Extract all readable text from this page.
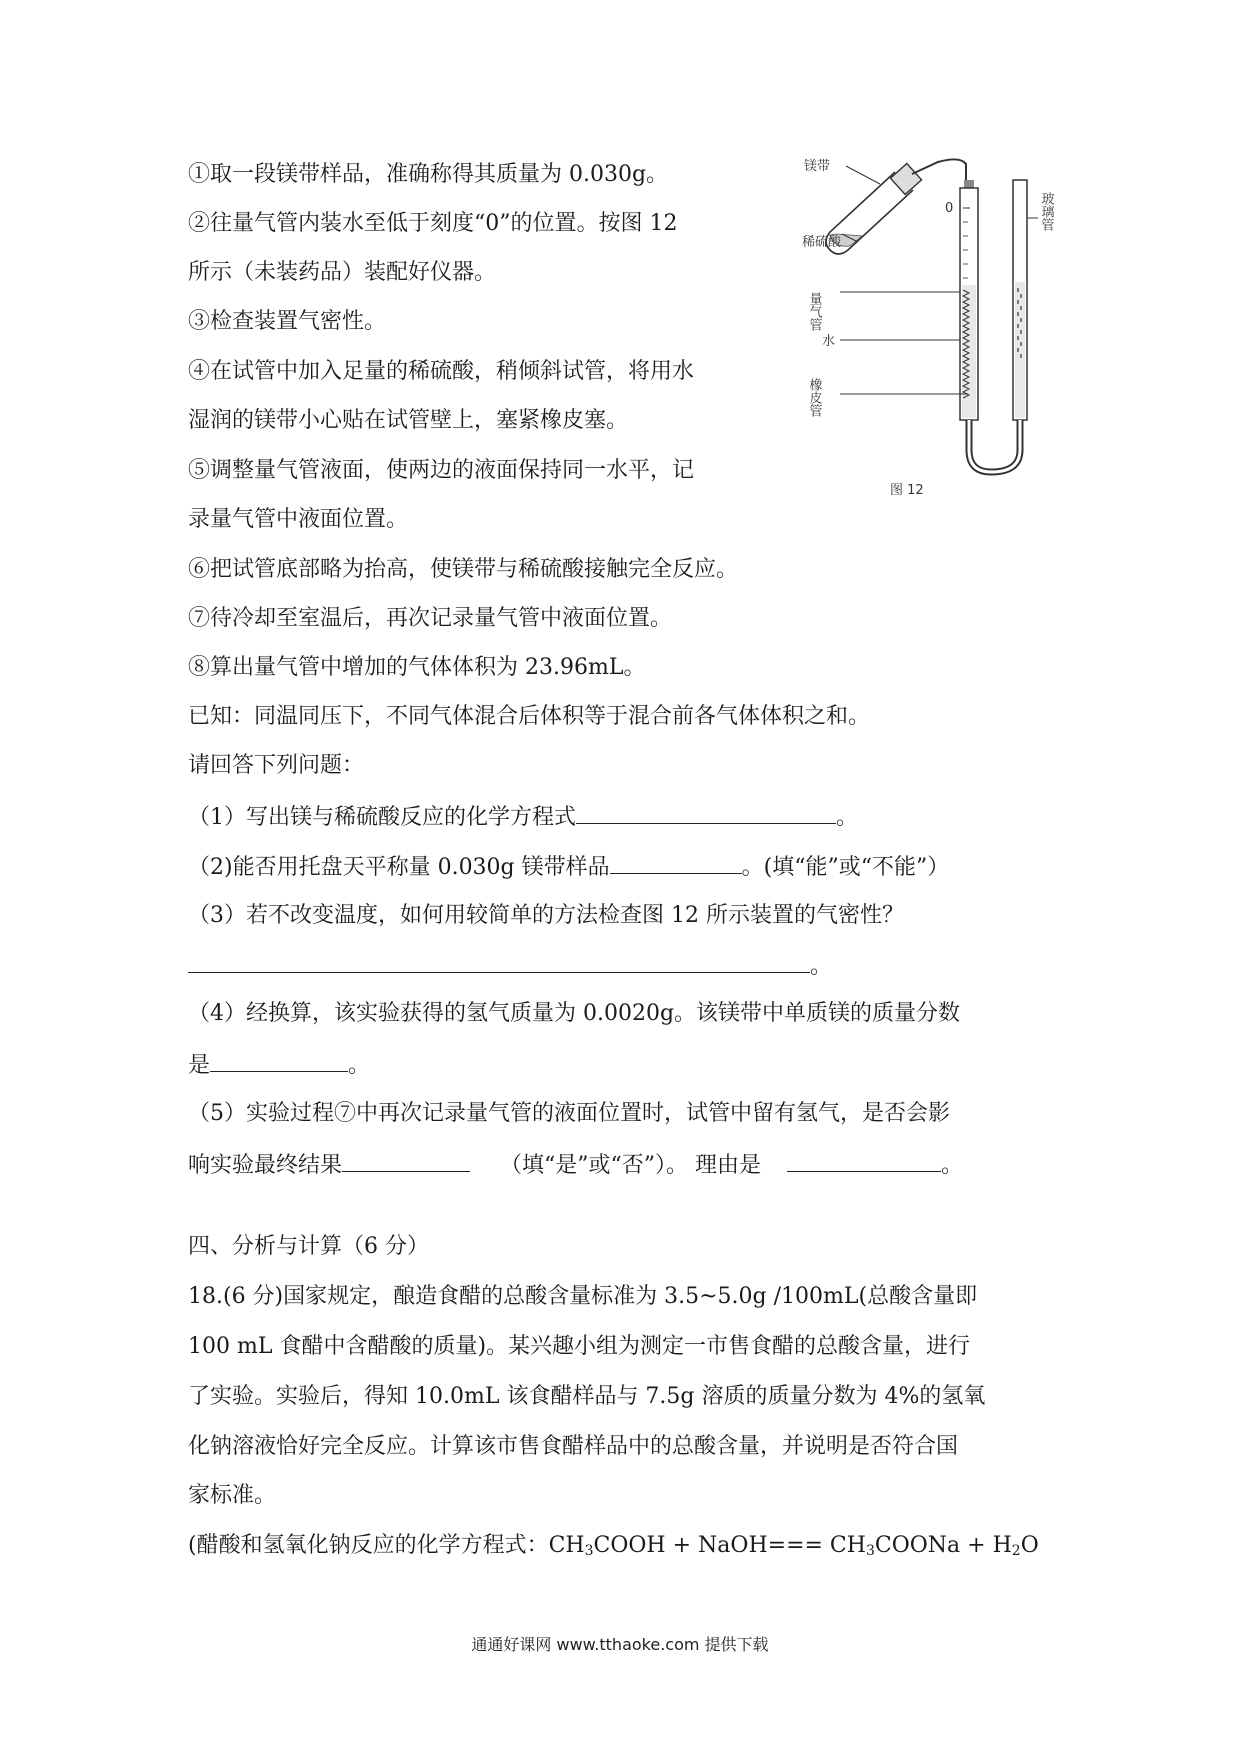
①取一段镁带样品，准确称得其质量为 0.030g。
②往量气管内装水至低于刻度“0”的位置。按图 12
所示（未装药品）装配好仪器。
③检查装置气密性。
④在试管中加入足量的稀硫酸，稍倾斜试管，将用水
湿润的镁带小心贴在试管壁上，塞紧橡皮塞。
⑤调整量气管液面，使两边的液面保持同一水平，记
录量气管中液面位置。
⑥把试管底部略为抬高，使镁带与稀硫酸接触完全反应。
⑦待冷却至室温后，再次记录量气管中液面位置。
⑧算出量气管中增加的气体体积为 23.96mL。
已知：同温同压下，不同气体混合后体积等于混合前各气体体积之和。
请回答下列问题：
（1）写出镁与稀硫酸反应的化学方程式	。
（2)能否用托盘天平称量 0.030g 镁带样品	。(填“能”或“不能”）
（3）若不改变温度，如何用较简单的方法检查图 12 所示装置的气密性？
。
（4）经换算，该实验获得的氢气质量为 0.0020g。该镁带中单质镁的质量分数
是	。
（5）实验过程⑦中再次记录量气管的液面位置时，试管中留有氢气，是否会影
响实验最终结果	（填“是”或“否”）。 理由是	。
四、分析与计算（6 分）
18.(6 分)国家规定，酿造食醋的总酸含量标准为 3.5~5.0g /100mL(总酸含量即
100 mL 食醋中含醋酸的质量)。某兴趣小组为测定一市售食醋的总酸含量，进行
了实验。实验后，得知 10.0mL 该食醋样品与 7.5g 溶质的质量分数为 4%的氢氧
化钠溶液恰好完全反应。计算该市售食醋样品中的总酸含量，并说明是否符合国
家标准。
(醋酸和氢氧化钠反应的化学方程式：$CH_3COOH$ + NaOH=== $CH_3COONa + H_2O$
镁带
稀硫酸
0
量气管
水
橡皮管
玻璃管
图 12
通通好课网 www.tthaoke.com 提供下载
